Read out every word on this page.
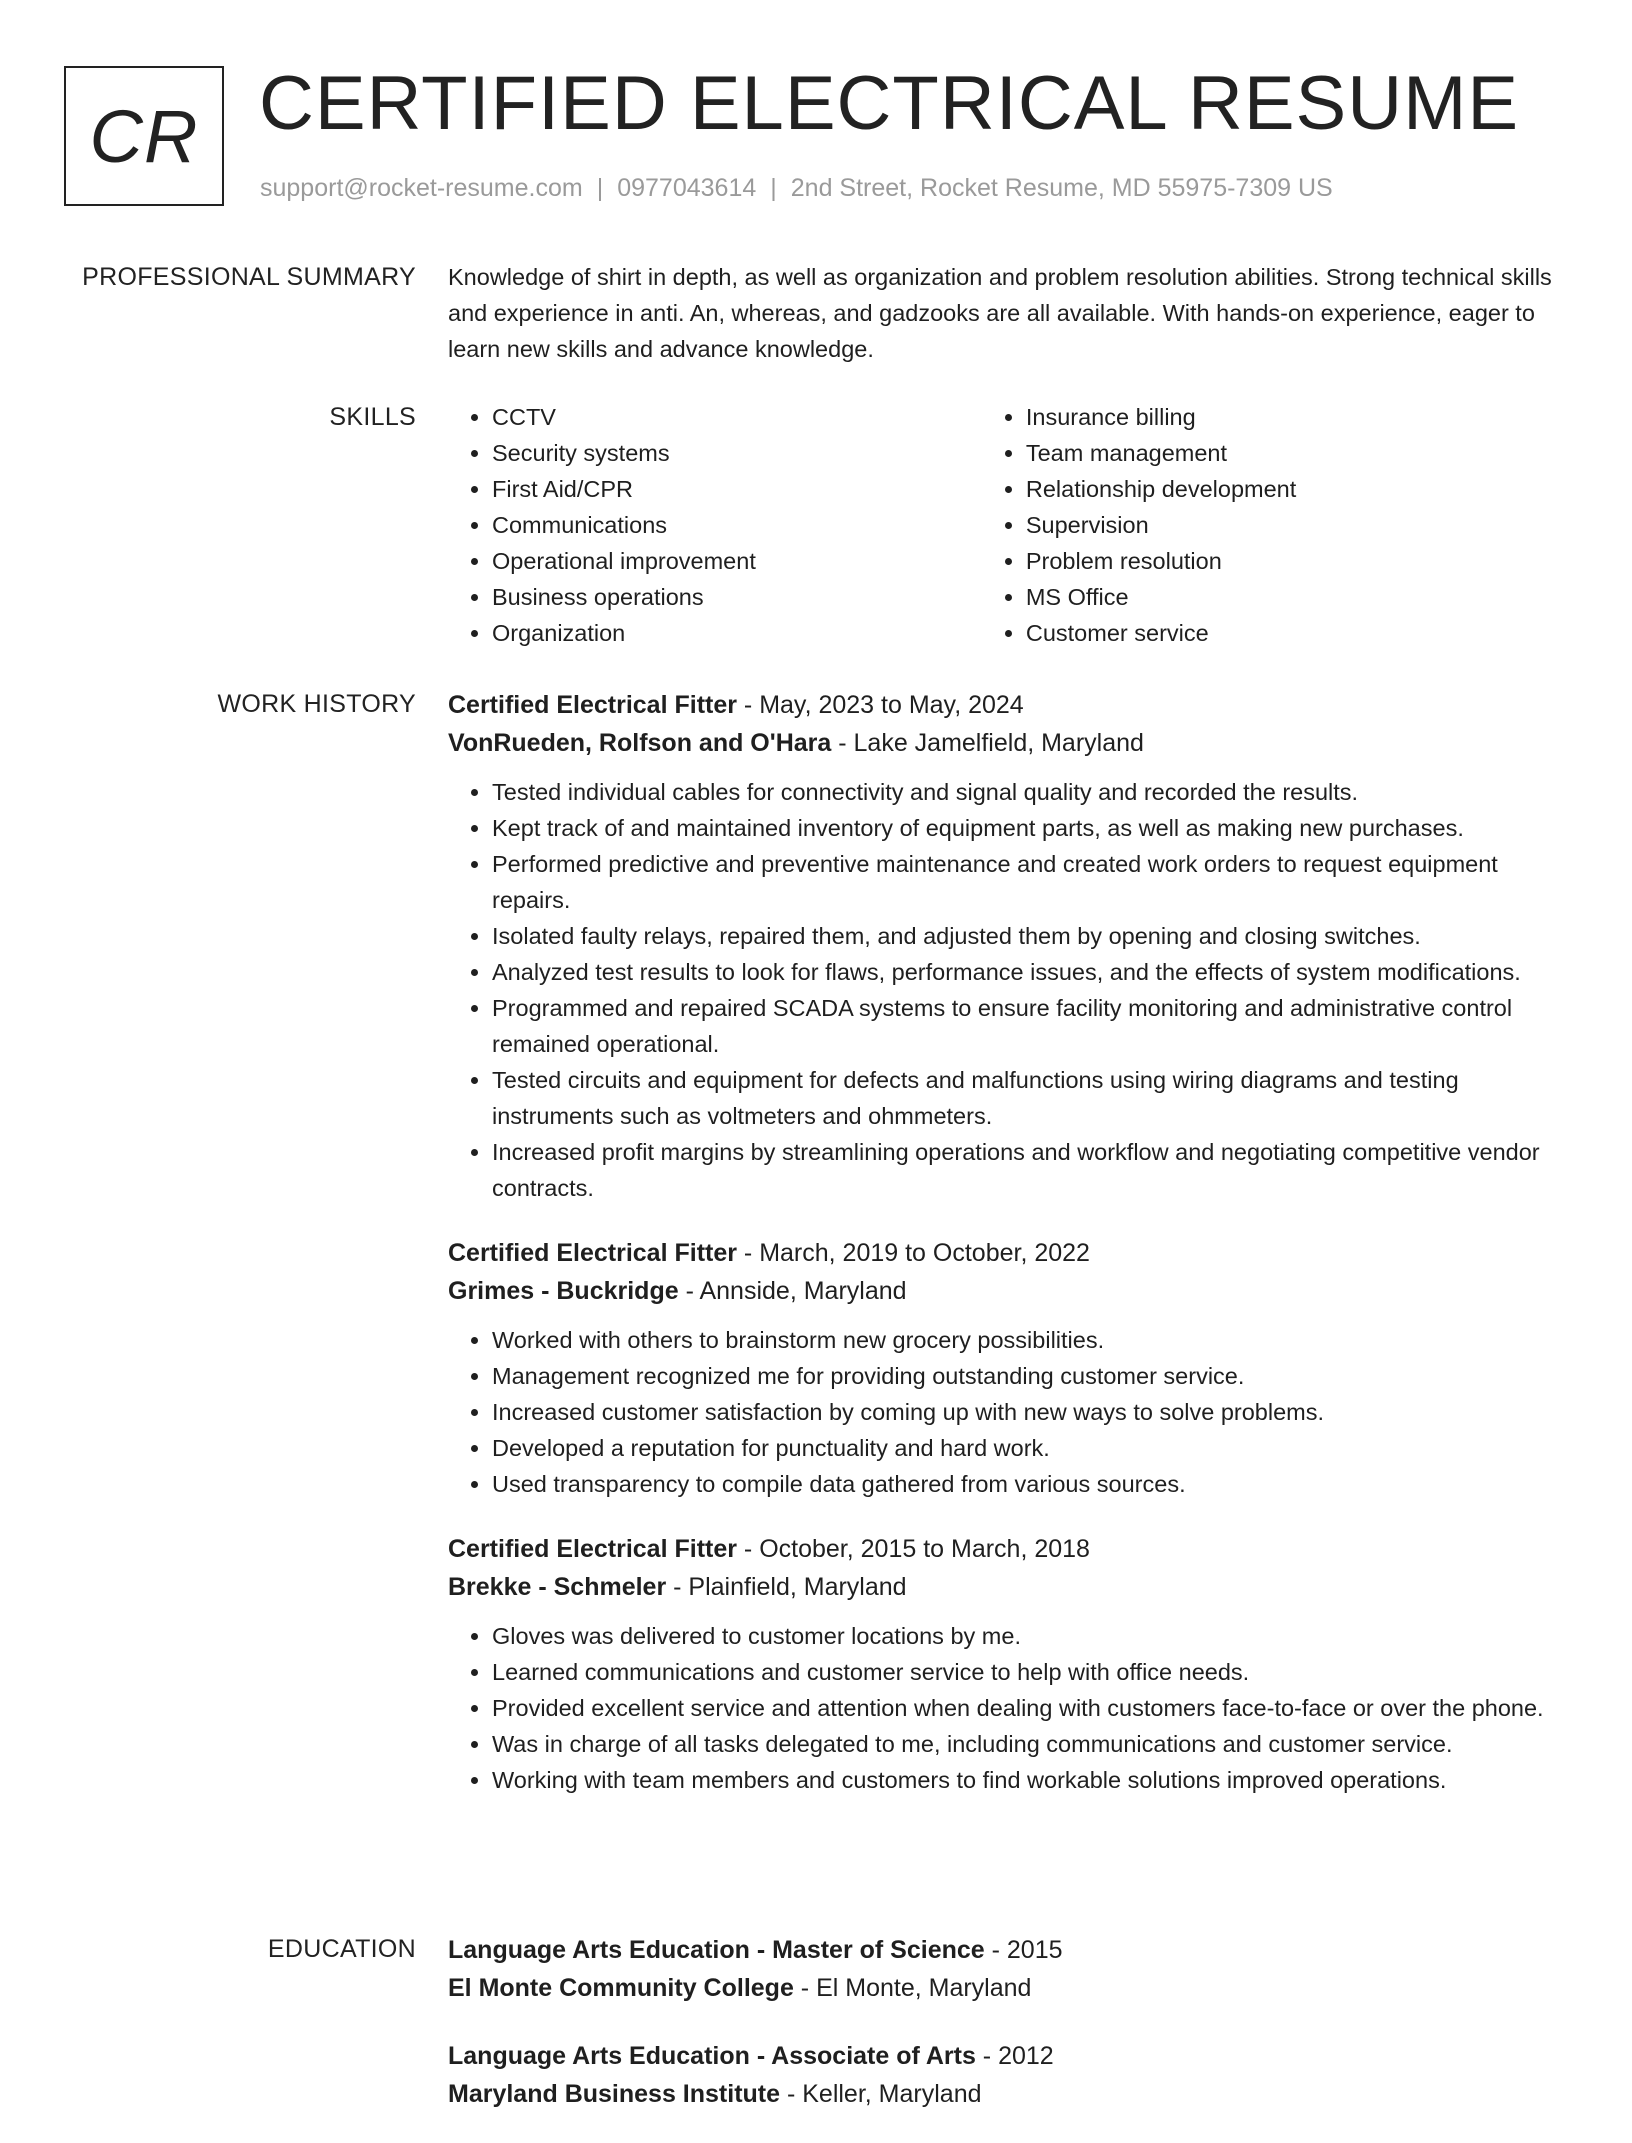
CR CERTIFIED ELECTRICAL RESUME
support@rocket-resume.com | 0977043614 | 2nd Street, Rocket Resume, MD 55975-7309 US
PROFESSIONAL SUMMARY Knowledge of shirt in depth, as well as organization and problem resolution abilities. Strong technical skills and experience in anti. An, whereas, and gadzooks are all available. With hands-on experience, eager to learn new skills and advance knowledge.

SKILLS
•	CCTV
• Security systems
• First Aid/CPR
• Communications
• Operational improvement
• Business operations
• Organization
• Insurance billing
• Team management
• Relationship development
• Supervision
• Problem resolution
• MS Office
• Customer service
WORK HISTORY Certified Electrical Fitter - May, 2023 to May, 2024
VonRueden, Rolfson and O'Hara - Lake Jamelfield, Maryland
• Tested individual cables for connectivity and signal quality and recorded the results.
• Kept track of and maintained inventory of equipment parts, as well as making new purchases.
• Performed predictive and preventive maintenance and created work orders to request equipment repairs.
• Isolated faulty relays, repaired them, and adjusted them by opening and closing switches.
• Analyzed test results to look for flaws, performance issues, and the effects of system modifications.
• Programmed and repaired SCADA systems to ensure facility monitoring and administrative control remained operational.
• Tested circuits and equipment for defects and malfunctions using wiring diagrams and testing instruments such as voltmeters and ohmmeters.
• Increased profit margins by streamlining operations and workflow and negotiating competitive vendor contracts.
Certified Electrical Fitter - March, 2019 to October, 2022
Grimes - Buckridge - Annside, Maryland
• Worked with others to brainstorm new grocery possibilities.
• Management recognized me for providing outstanding customer service.
• Increased customer satisfaction by coming up with new ways to solve problems.
• Developed a reputation for punctuality and hard work.
• Used transparency to compile data gathered from various sources.
Certified Electrical Fitter - October, 2015 to March, 2018
Brekke - Schmeler - Plainfield, Maryland
• Gloves was delivered to customer locations by me.
• Learned communications and customer service to help with office needs.
• Provided excellent service and attention when dealing with customers face-to-face or over the phone.
• Was in charge of all tasks delegated to me, including communications and customer service.
• Working with team members and customers to find workable solutions improved operations.
EDUCATION Language Arts Education - Master of Science - 2015
El Monte Community College - El Monte, Maryland
Language Arts Education - Associate of Arts - 2012
Maryland Business Institute - Keller, Maryland
